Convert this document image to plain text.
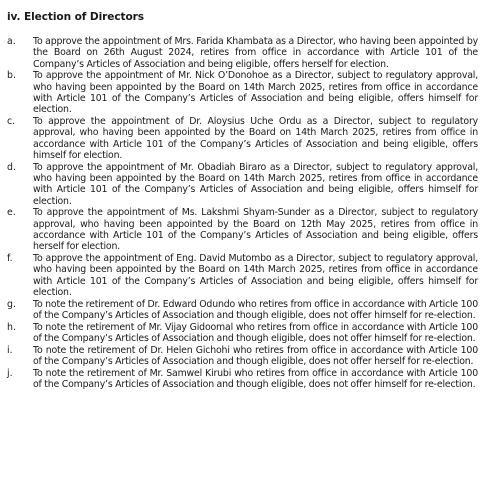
iv. Election of Directors
a.	To approve the appointment of Mrs. Farida Khambata as a Director, who having been appointed by the Board on 26th August 2024, retires from office in accordance with Article 101 of the Company’s Articles of Association and being eligible, offers herself for election.
b.	To approve the appointment of Mr. Nick O’Donohoe as a Director, subject to regulatory approval, who having been appointed by the Board on 14th March 2025, retires from office in accordance with Article 101 of the Company’s Articles of Association and being eligible, offers himself for election.
c.	To approve the appointment of Dr. Aloysius Uche Ordu as a Director, subject to regulatory approval, who having been appointed by the Board on 14th March 2025, retires from office in accordance with Article 101 of the Company’s Articles of Association and being eligible, offers himself for election.
d.	To approve the appointment of Mr. Obadiah Biraro as a Director, subject to regulatory approval, who having been appointed by the Board on 14th March 2025, retires from office in accordance with Article 101 of the Company’s Articles of Association and being eligible, offers himself for election.
e.	To approve the appointment of Ms. Lakshmi Shyam-Sunder as a Director, subject to regulatory approval, who having been appointed by the Board on 12th May 2025, retires from office in accordance with Article 101 of the Company’s Articles of Association and being eligible, offers herself for election.
f.	To approve the appointment of Eng. David Mutombo as a Director, subject to regulatory approval, who having been appointed by the Board on 14th March 2025, retires from office in accordance with Article 101 of the Company’s Articles of Association and being eligible, offers himself for election.
g.	To note the retirement of Dr. Edward Odundo who retires from office in accordance with Article 100 of the Company’s Articles of Association and though eligible, does not offer himself for re-election.
h.	To note the retirement of Mr. Vijay Gidoomal who retires from office in accordance with Article 100 of the Company’s Articles of Association and though eligible, does not offer himself for re-election.
i.	To note the retirement of Dr. Helen Gichohi who retires from office in accordance with Article 100 of the Company’s Articles of Association and though eligible, does not offer herself for re-election.
j.	To note the retirement of Mr. Samwel Kirubi who retires from office in accordance with Article 100 of the Company’s Articles of Association and though eligible, does not offer himself for re-election.
